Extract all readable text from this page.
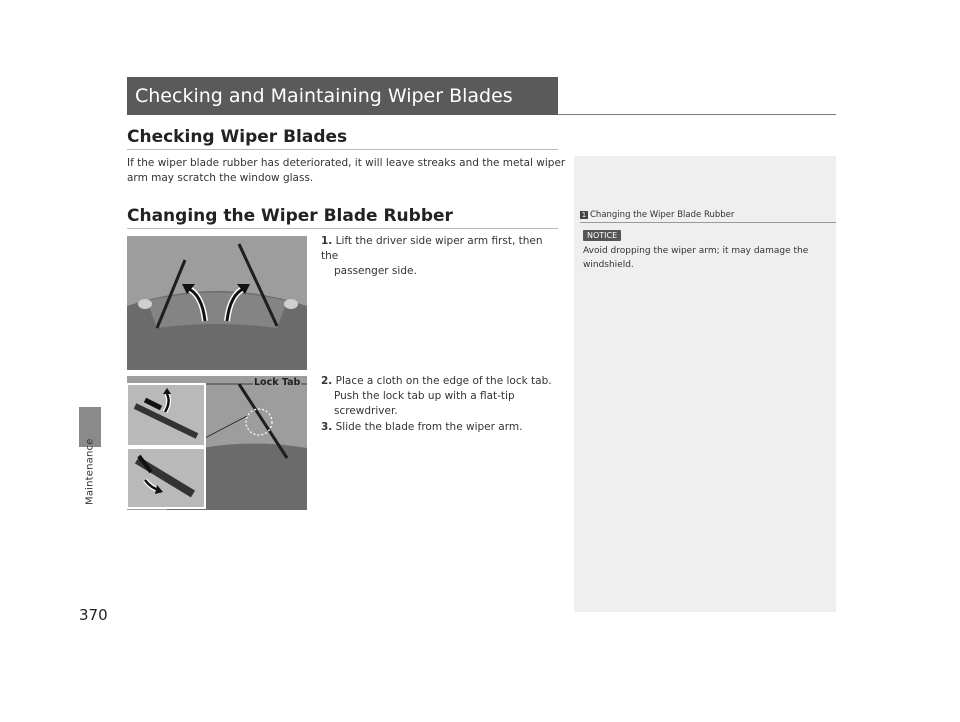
Maintenance
370
Checking and Maintaining Wiper Blades
Checking Wiper Blades
If the wiper blade rubber has deteriorated, it will leave streaks and the metal wiper
arm may scratch the window glass.
Changing the Wiper Blade Rubber
Lock Tab
1. Lift the driver side wiper arm first, then the
passenger side.
2. Place a cloth on the edge of the lock tab.
Push the lock tab up with a flat-tip
screwdriver.
3. Slide the blade from the wiper arm.
1 Changing the Wiper Blade Rubber
NOTICE
Avoid dropping the wiper arm; it may damage the
windshield.
